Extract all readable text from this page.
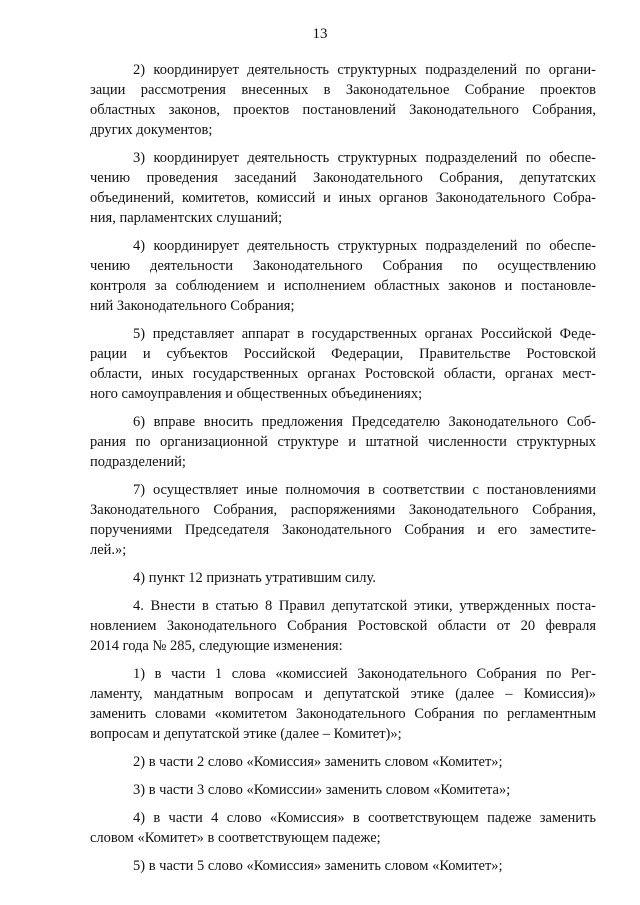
13
2) координирует деятельность структурных подразделений по органи-
зации рассмотрения внесенных в Законодательное Собрание проектов
областных законов, проектов постановлений Законодательного Собрания,
других документов;
3) координирует деятельность структурных подразделений по обеспе-
чению проведения заседаний Законодательного Собрания, депутатских
объединений, комитетов, комиссий и иных органов Законодательного Собра-
ния, парламентских слушаний;
4) координирует деятельность структурных подразделений по обеспе-
чению деятельности Законодательного Собрания по осуществлению
контроля за соблюдением и исполнением областных законов и постановле-
ний Законодательного Собрания;
5) представляет аппарат в государственных органах Российской Феде-
рации и субъектов Российской Федерации, Правительстве Ростовской
области, иных государственных органах Ростовской области, органах мест-
ного самоуправления и общественных объединениях;
6) вправе вносить предложения Председателю Законодательного Соб-
рания по организационной структуре и штатной численности структурных
подразделений;
7) осуществляет иные полномочия в соответствии с постановлениями
Законодательного Собрания, распоряжениями Законодательного Собрания,
поручениями Председателя Законодательного Собрания и его заместите-
лей.»;
4) пункт 12 признать утратившим силу.
4. Внести в статью 8 Правил депутатской этики, утвержденных поста-
новлением Законодательного Собрания Ростовской области от 20 февраля
2014 года № 285, следующие изменения:
1) в части 1 слова «комиссией Законодательного Собрания по Рег-
ламенту, мандатным вопросам и депутатской этике (далее – Комиссия)»
заменить словами «комитетом Законодательного Собрания по регламентным
вопросам и депутатской этике (далее – Комитет)»;
2) в части 2 слово «Комиссия» заменить словом «Комитет»;
3) в части 3 слово «Комиссии» заменить словом «Комитета»;
4) в части 4 слово «Комиссия» в соответствующем падеже заменить
словом «Комитет» в соответствующем падеже;
5) в части 5 слово «Комиссия» заменить словом «Комитет»;
